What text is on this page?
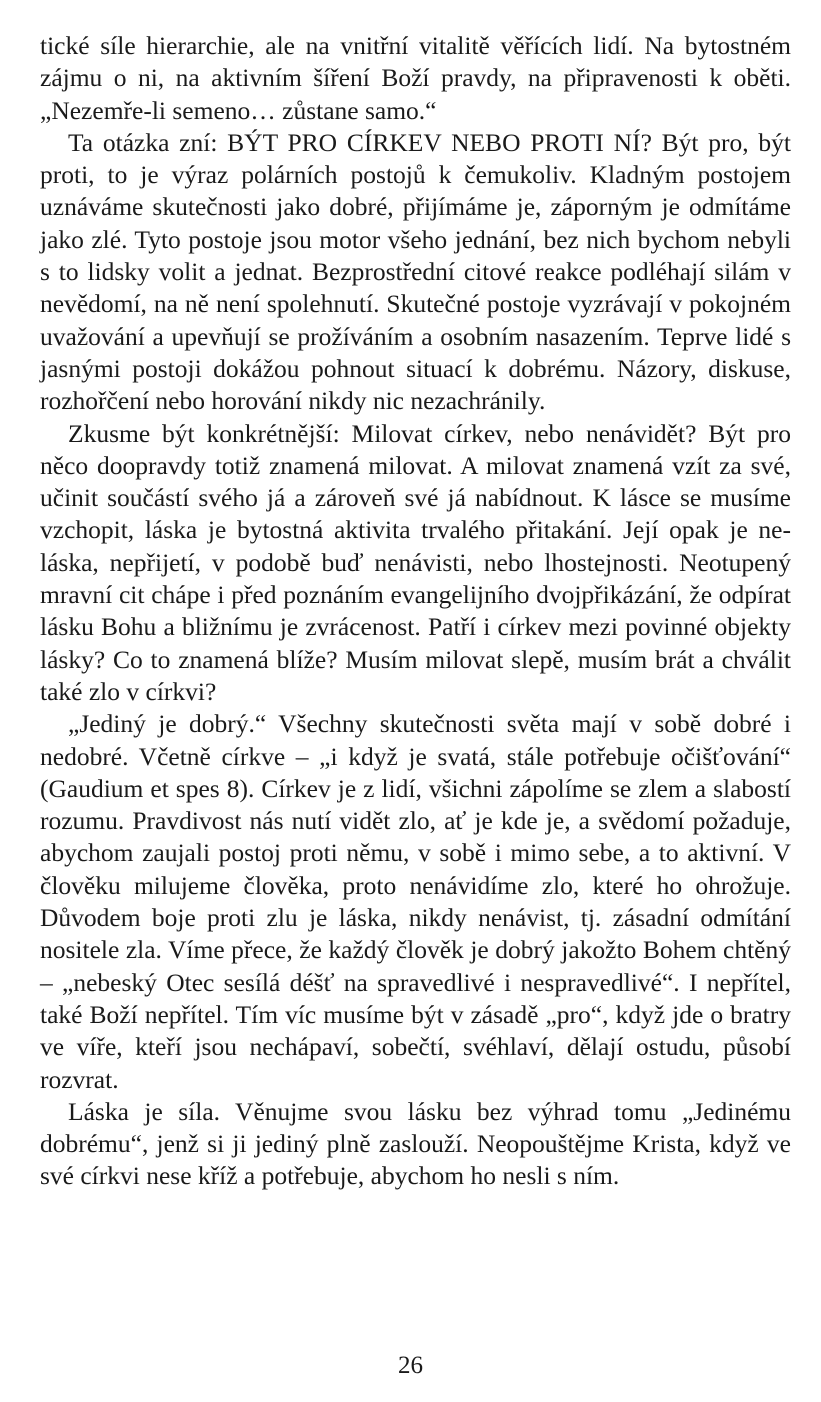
tické síle hierarchie, ale na vnitřní vitalitě věřících lidí. Na bytostném zájmu o ni, na aktivním šíření Boží pravdy, na připravenosti k oběti. „Nezemře-li semeno… zůstane samo.“

Ta otázka zní: BÝT PRO CÍRKEV NEBO PROTI NÍ? Být pro, být proti, to je výraz polárních postojů k čemukoliv. Kladným postojem uznáváme skutečnosti jako dobré, přijímáme je, záporným je odmítáme jako zlé. Tyto postoje jsou motor všeho jednání, bez nich bychom nebyli s to lidsky volit a jednat. Bezprostřední citové reakce podléhají silám v nevědomí, na ně není spolehnutí. Skutečné postoje vyzrávají v pokojném uvažování a upevňují se prožíváním a osobním nasazením. Teprve lidé s jasnými postoji dokážou pohnout situací k dobrému. Názory, diskuse, rozhořčení nebo horování nikdy nic nezachránily.

Zkusme být konkrétnější: Milovat církev, nebo nenávidět? Být pro něco doopravdy totiž znamená milovat. A milovat znamená vzít za své, učinit součástí svého já a zároveň své já nabídnout. K lásce se musíme vzchopit, láska je bytostná aktivita trvalého přitakání. Její opak je ne-láska, nepřijetí, v podobě buď nenávisti, nebo lhostejnosti. Neotupený mravní cit chápe i před poznáním evangelijního dvojpřikázání, že odpírat lásku Bohu a bližnímu je zvrácenost. Patří i církev mezi povinné objekty lásky? Co to znamená blíže? Musím milovat slepě, musím brát a chválit také zlo v církvi?

„Jediný je dobrý.“ Všechny skutečnosti světa mají v sobě dobré i nedobré. Včetně církve – „i když je svatá, stále potřebuje očišťování“ (Gaudium et spes 8). Církev je z lidí, všichni zápolíme se zlem a slabostí rozumu. Pravdivost nás nutí vidět zlo, ať je kde je, a svědomí požaduje, abychom zaujali postoj proti němu, v sobě i mimo sebe, a to aktivní. V člověku milujeme člověka, proto nenávidíme zlo, které ho ohrožuje. Důvodem boje proti zlu je láska, nikdy nenávist, tj. zásadní odmítání nositele zla. Víme přece, že každý člověk je dobrý jakožto Bohem chtěný – „nebeský Otec sesílá déšť na spravedlivé i nespravedlivé“. I nepřítel, také Boží nepřítel. Tím víc musíme být v zásadě „pro“, když jde o bratry ve víře, kteří jsou nechápaví, sobečtí, svéhlaví, dělají ostudu, působí rozvrat.

Láska je síla. Věnujme svou lásku bez výhrad tomu „Jedinému dobrému“, jenž si ji jediný plně zaslouží. Neopouštějme Krista, když ve své církvi nese kříž a potřebuje, abychom ho nesli s ním.

26
